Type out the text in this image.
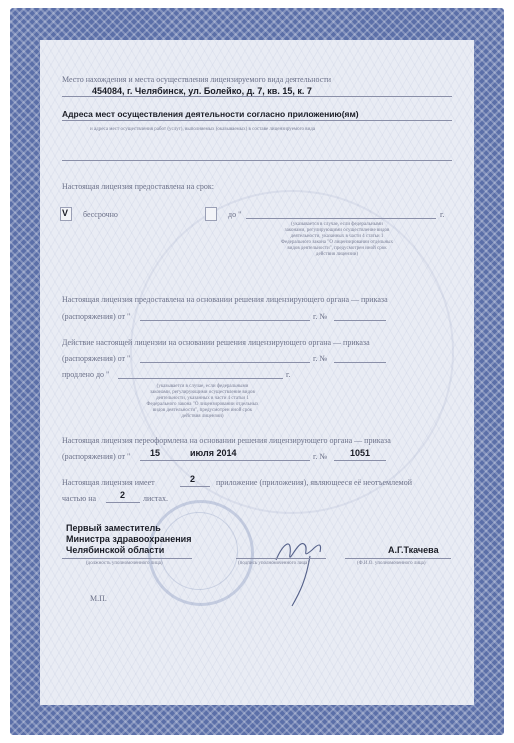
Место нахождения и места осуществления лицензируемого вида деятельности
454084, г. Челябинск, ул. Болейко, д. 7, кв. 15, к. 7
Адреса мест осуществления деятельности согласно приложению(ям)
и адреса мест осуществления работ (услуг), выполняемых (оказываемых) в составе лицензируемого вида
Настоящая лицензия предоставлена на срок:
V бессрочно	до "	г.
(указывается в случае, если федеральными
законами, регулирующими осуществление видов
деятельности, указанных в части 4 статьи 1
Федерального закона "О лицензировании отдельных
видов деятельности", предусмотрен иной срок
действия лицензии)
Настоящая лицензия предоставлена на основании решения лицензирующего органа — приказа
(распоряжения) от "	г. №
Действие настоящей лицензии на основании решения лицензирующего органа — приказа
(распоряжения) от "	г. №
продлено до "	г.
(указывается в случае, если федеральными
законами, регулирующими осуществление видов
деятельности, указанных в части 4 статьи 1
Федерального закона "О лицензировании отдельных
видов деятельности", предусмотрен иной срок
действия лицензии)
Настоящая лицензия переоформлена на основании решения лицензирующего органа — приказа
(распоряжения) от " 15	июля 2014	г. №	1051
Настоящая лицензия имеет	2	приложение (приложения), являющееся её неотъемлемой
частью на	2 листах.
Первый заместитель
Министра здравоохранения
Челябинской области
(должность уполномоченного лица)	(подпись уполномоченного лица)
А.Г.Ткачева
(Ф.И.О. уполномоченного лица)
М.П.
